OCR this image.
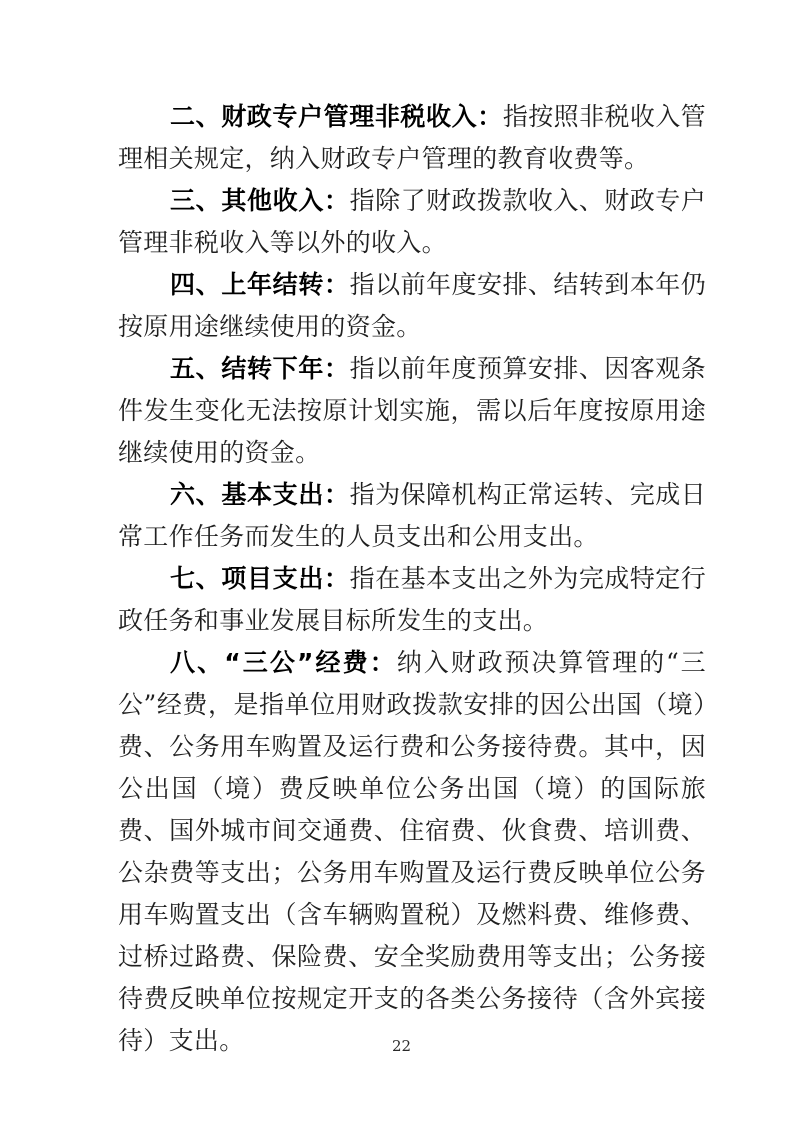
二、财政专户管理非税收入：指按照非税收入管理相关规定，纳入财政专户管理的教育收费等。

三、其他收入：指除了财政拨款收入、财政专户管理非税收入等以外的收入。

四、上年结转：指以前年度安排、结转到本年仍按原用途继续使用的资金。

五、结转下年：指以前年度预算安排、因客观条件发生变化无法按原计划实施，需以后年度按原用途继续使用的资金。

六、基本支出：指为保障机构正常运转、完成日常工作任务而发生的人员支出和公用支出。

七、项目支出：指在基本支出之外为完成特定行政任务和事业发展目标所发生的支出。

八、“三公”经费：纳入财政预决算管理的“三公”经费，是指单位用财政拨款安排的因公出国（境）费、公务用车购置及运行费和公务接待费。其中，因公出国（境）费反映单位公务出国（境）的国际旅费、国外城市间交通费、住宿费、伙食费、培训费、公杂费等支出；公务用车购置及运行费反映单位公务用车购置支出（含车辆购置税）及燃料费、维修费、过桥过路费、保险费、安全奖励费用等支出；公务接待费反映单位按规定开支的各类公务接待（含外宾接待）支出。	22
